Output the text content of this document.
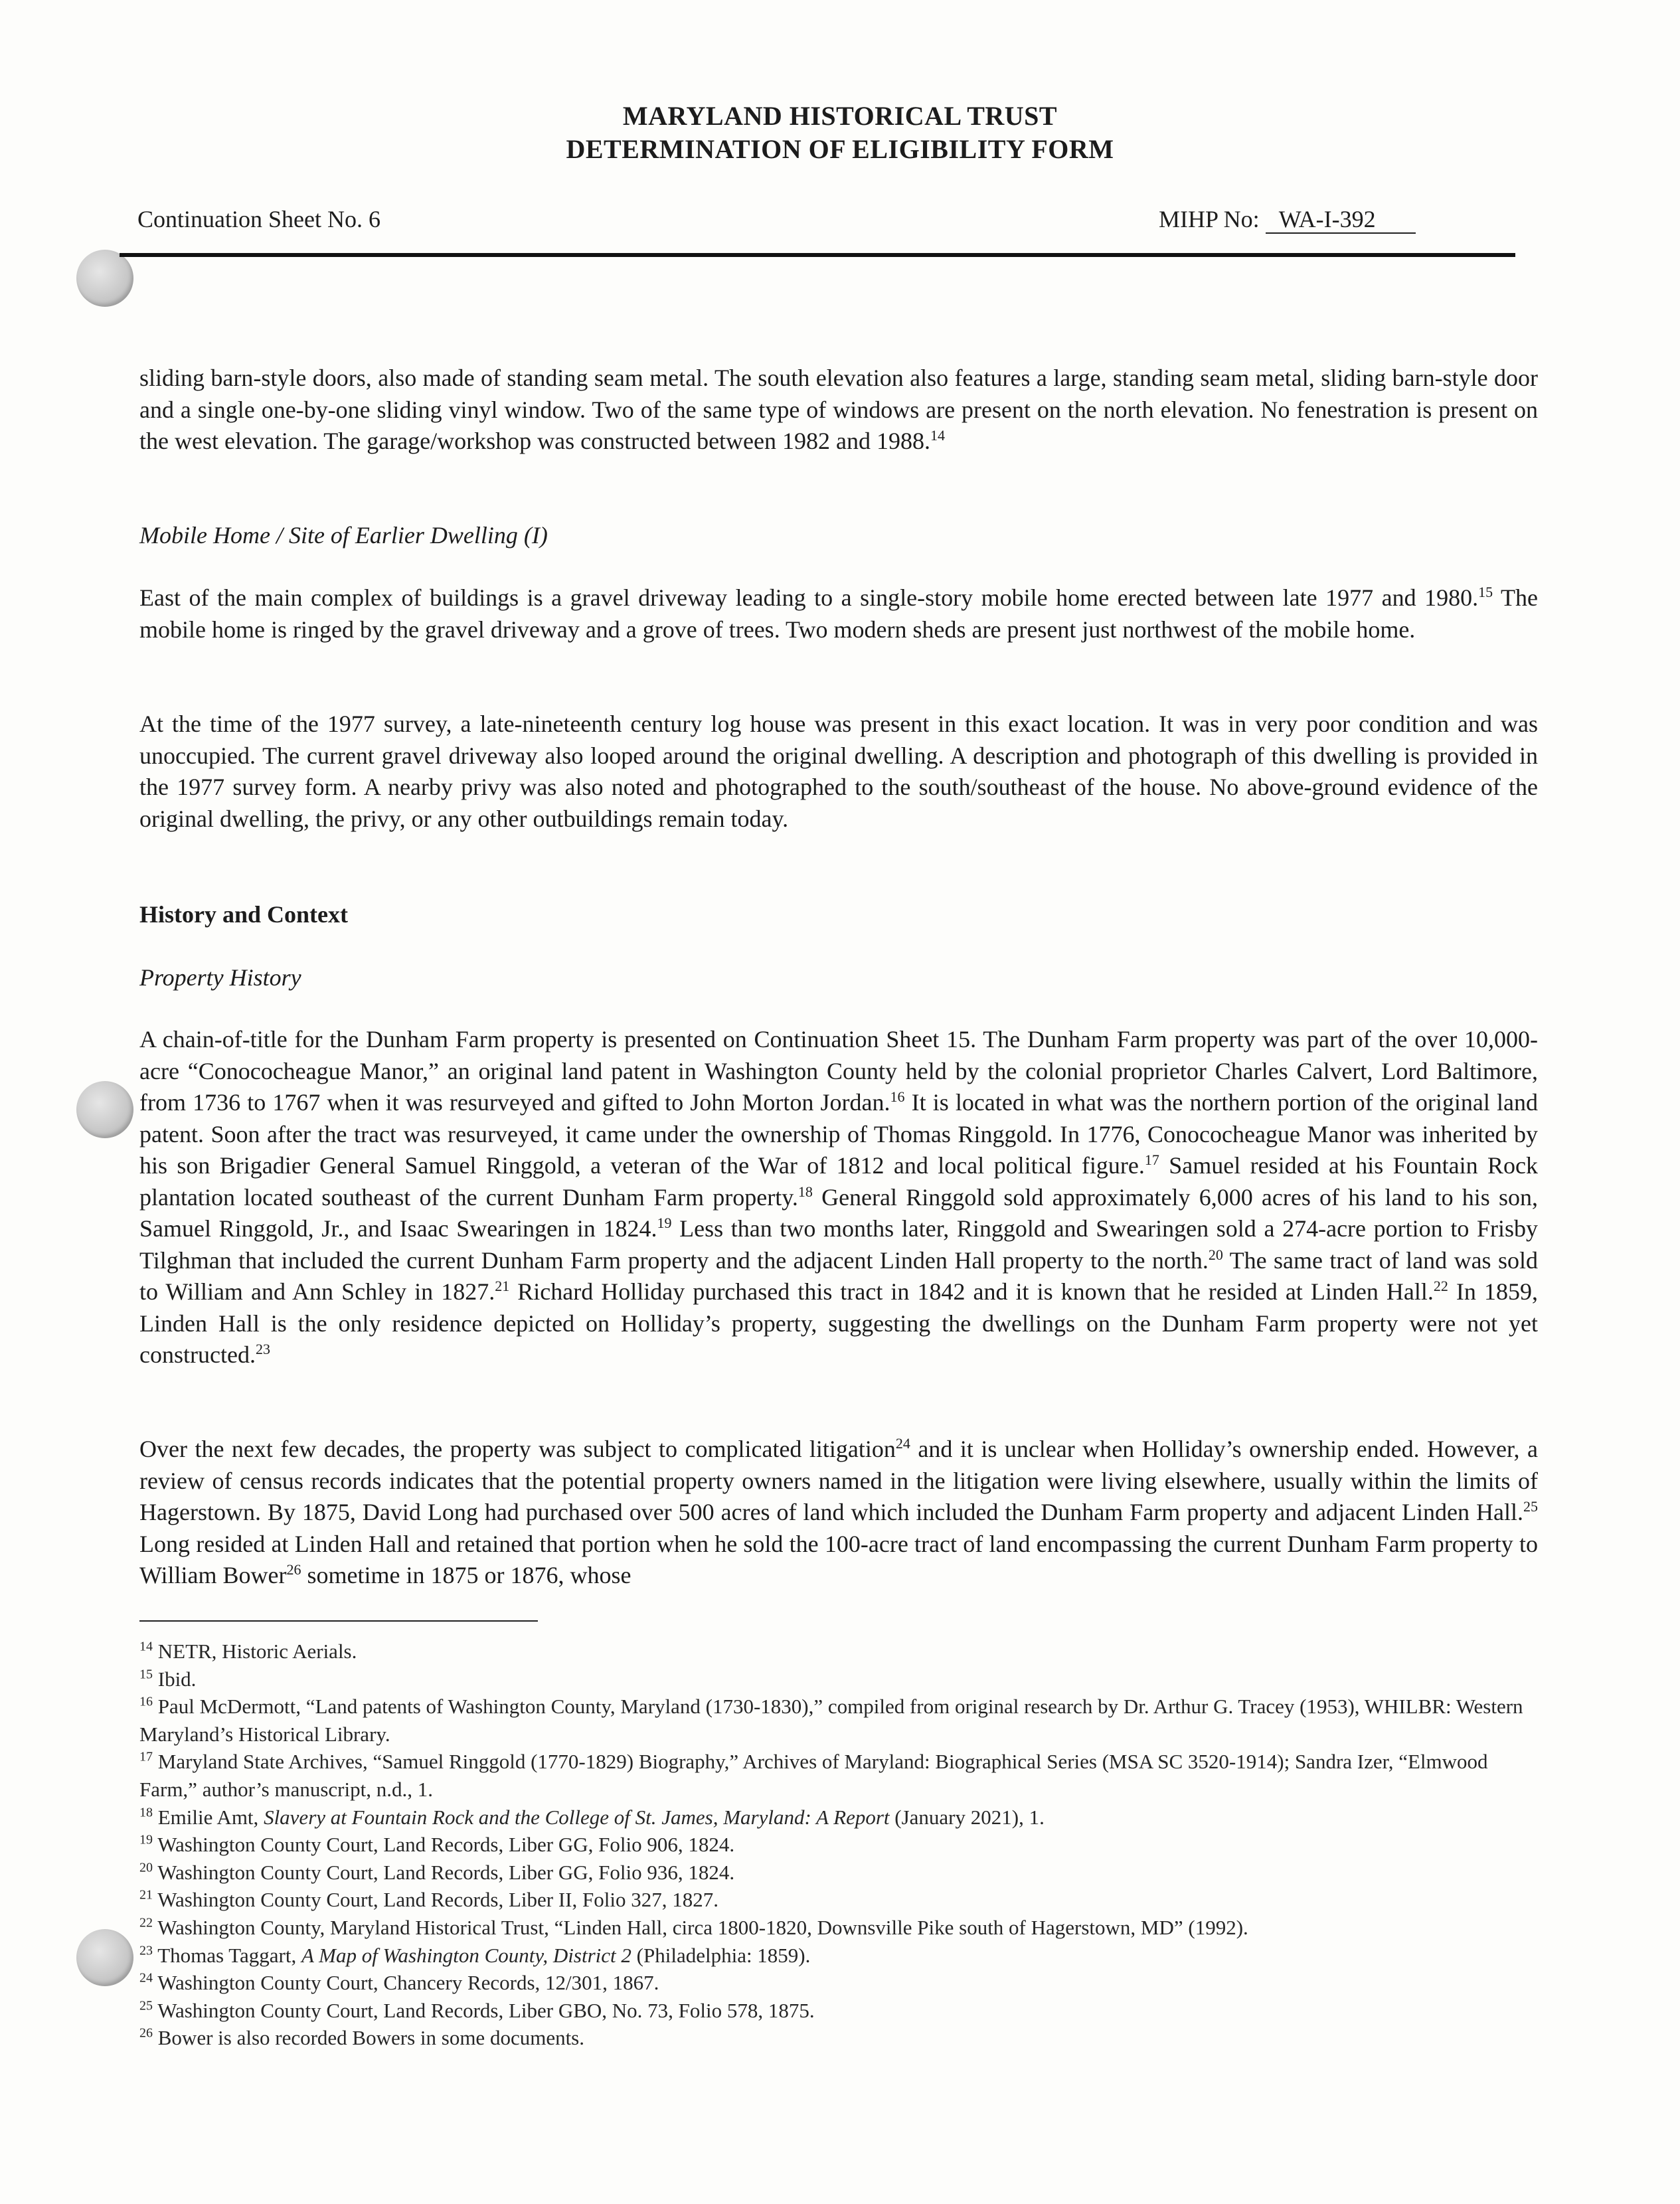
MARYLAND HISTORICAL TRUST
DETERMINATION OF ELIGIBILITY FORM
Continuation Sheet No. 6	MIHP No: WA-I-392

sliding barn-style doors, also made of standing seam metal. The south elevation also features a large, standing seam metal, sliding barn-style door and a single one-by-one sliding vinyl window. Two of the same type of windows are present on the north elevation. No fenestration is present on the west elevation. The garage/workshop was constructed between 1982 and 1988.14

Mobile Home / Site of Earlier Dwelling (I)

East of the main complex of buildings is a gravel driveway leading to a single-story mobile home erected between late 1977 and 1980.15 The mobile home is ringed by the gravel driveway and a grove of trees. Two modern sheds are present just northwest of the mobile home.

At the time of the 1977 survey, a late-nineteenth century log house was present in this exact location. It was in very poor condition and was unoccupied. The current gravel driveway also looped around the original dwelling. A description and photograph of this dwelling is provided in the 1977 survey form. A nearby privy was also noted and photographed to the south/southeast of the house. No above-ground evidence of the original dwelling, the privy, or any other outbuildings remain today.

History and Context
Property History

A chain-of-title for the Dunham Farm property is presented on Continuation Sheet 15. The Dunham Farm property was part of the over 10,000-acre “Conococheague Manor,” an original land patent in Washington County held by the colonial proprietor Charles Calvert, Lord Baltimore, from 1736 to 1767 when it was resurveyed and gifted to John Morton Jordan.$^{16}$ It is located in what was the northern portion of the original land patent. Soon after the tract was resurveyed, it came under the ownership of Thomas Ringgold. In 1776, Conococheague Manor was inherited by his son Brigadier General Samuel Ringgold, a veteran of the War of 1812 and local political figure.$^{17}$ Samuel resided at his Fountain Rock plantation located southeast of the current Dunham Farm property.$^{18}$ General Ringgold sold approximately 6,000 acres of his land to his son, Samuel Ringgold, Jr., and Isaac Swearingen in 1824.19 Less than two months later, Ringgold and Swearingen sold a 274-acre portion to Frisby Tilghman that included the current Dunham Farm property and the adjacent Linden Hall property to the north.$^{20}$ The same tract of land was sold to William and Ann Schley in 1827.21 Richard Holliday purchased this tract in 1842 and it is known that he resided at Linden Hall.$^{22}$ In 1859, Linden Hall is the only residence depicted on Holliday’s property, suggesting the dwellings on the Dunham Farm property were not yet constructed.$^{23}$

Over the next few decades, the property was subject to complicated litigation$^{24}$ and it is unclear when Holliday’s ownership ended. However, a review of census records indicates that the potential property owners named in the litigation were living elsewhere, usually within the limits of Hagerstown. By 1875, David Long had purchased over 500 acres of land which included the Dunham Farm property and adjacent Linden Hall.$^{25}$ Long resided at Linden Hall and retained that portion when he sold the 100-acre tract of land encompassing the current Dunham Farm property to William Bower$^{26}$ sometime in 1875 or 1876, whose

$^{14}$ NETR, Historic Aerials.

$^{15}$ Ibid.

$^{16}$ Paul McDermott, “Land patents of Washington County, Maryland (1730-1830),” compiled from original research by Dr. Arthur G. Tracey (1953), WHILBR: Western Maryland’s Historical Library.

$^{17}$ Maryland State Archives, “Samuel Ringgold (1770-1829) Biography,” Archives of Maryland: Biographical Series (MSA SC 3520-1914); Sandra Izer, “Elmwood Farm,” author’s manuscript, n.d., 1.

$^{18}$ Emilie Amt, Slavery at Fountain Rock and the College of St. James, Maryland: A Report (January 2021), 1.

$^{19}$ Washington County Court, Land Records, Liber GG, Folio 906, 1824.

$^{20}$ Washington County Court, Land Records, Liber GG, Folio 936, 1824.

$^{21}$ Washington County Court, Land Records, Liber II, Folio 327, 1827.

$^{22}$ Washington County, Maryland Historical Trust, “Linden Hall, circa 1800-1820, Downsville Pike south of Hagerstown, MD” (1992).

$^{23}$ Thomas Taggart, A Map of Washington County, District 2 (Philadelphia: 1859).

$^{24}$ Washington County Court, Chancery Records, 12/301, 1867.

$^{25}$ Washington County Court, Land Records, Liber GBO, No. 73, Folio 578, 1875.

$^{26}$ Bower is also recorded Bowers in some documents.
